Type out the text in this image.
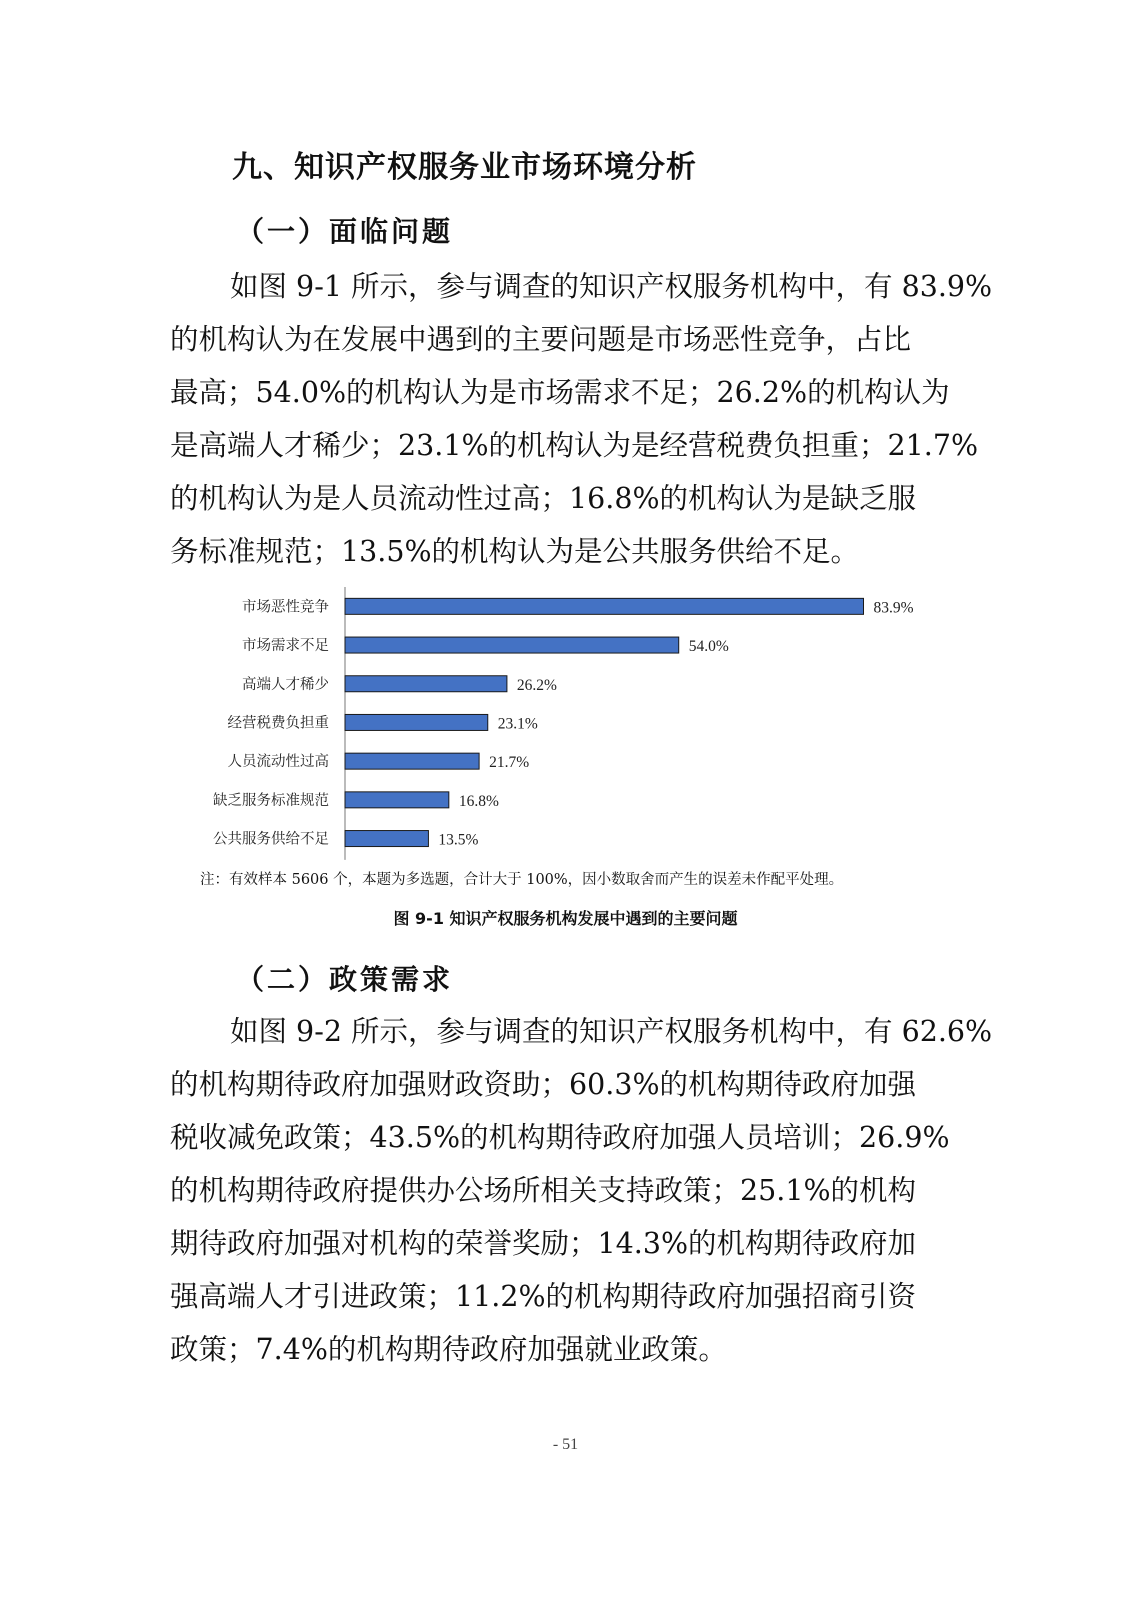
九、知识产权服务业市场环境分析
（一）面临问题
如图 9-1 所示，参与调查的知识产权服务机构中，有 83.9%
的机构认为在发展中遇到的主要问题是市场恶性竞争，占比
最高；54.0%的机构认为是市场需求不足；26.2%的机构认为
是高端人才稀少；23.1%的机构认为是经营税费负担重；21.7%
的机构认为是人员流动性过高；16.8%的机构认为是缺乏服
务标准规范；13.5%的机构认为是公共服务供给不足。
市场恶性竞争	83.9%
市场需求不足	54.0%
高端人才稀少	26.2%
经营税费负担重	23.1%
人员流动性过高	21.7%
缺乏服务标准规范	16.8%
公共服务供给不足	13.5%
注：有效样本 5606 个，本题为多选题，合计大于 100%，因小数取舍而产生的误差未作配平处理。
图 9-1 知识产权服务机构发展中遇到的主要问题
（二）政策需求
如图 9-2 所示，参与调查的知识产权服务机构中，有 62.6%
的机构期待政府加强财政资助；60.3%的机构期待政府加强
税收减免政策；43.5%的机构期待政府加强人员培训；26.9%
的机构期待政府提供办公场所相关支持政策；25.1%的机构
期待政府加强对机构的荣誉奖励；14.3%的机构期待政府加
强高端人才引进政策；11.2%的机构期待政府加强招商引资
政策；7.4%的机构期待政府加强就业政策。
- 51
